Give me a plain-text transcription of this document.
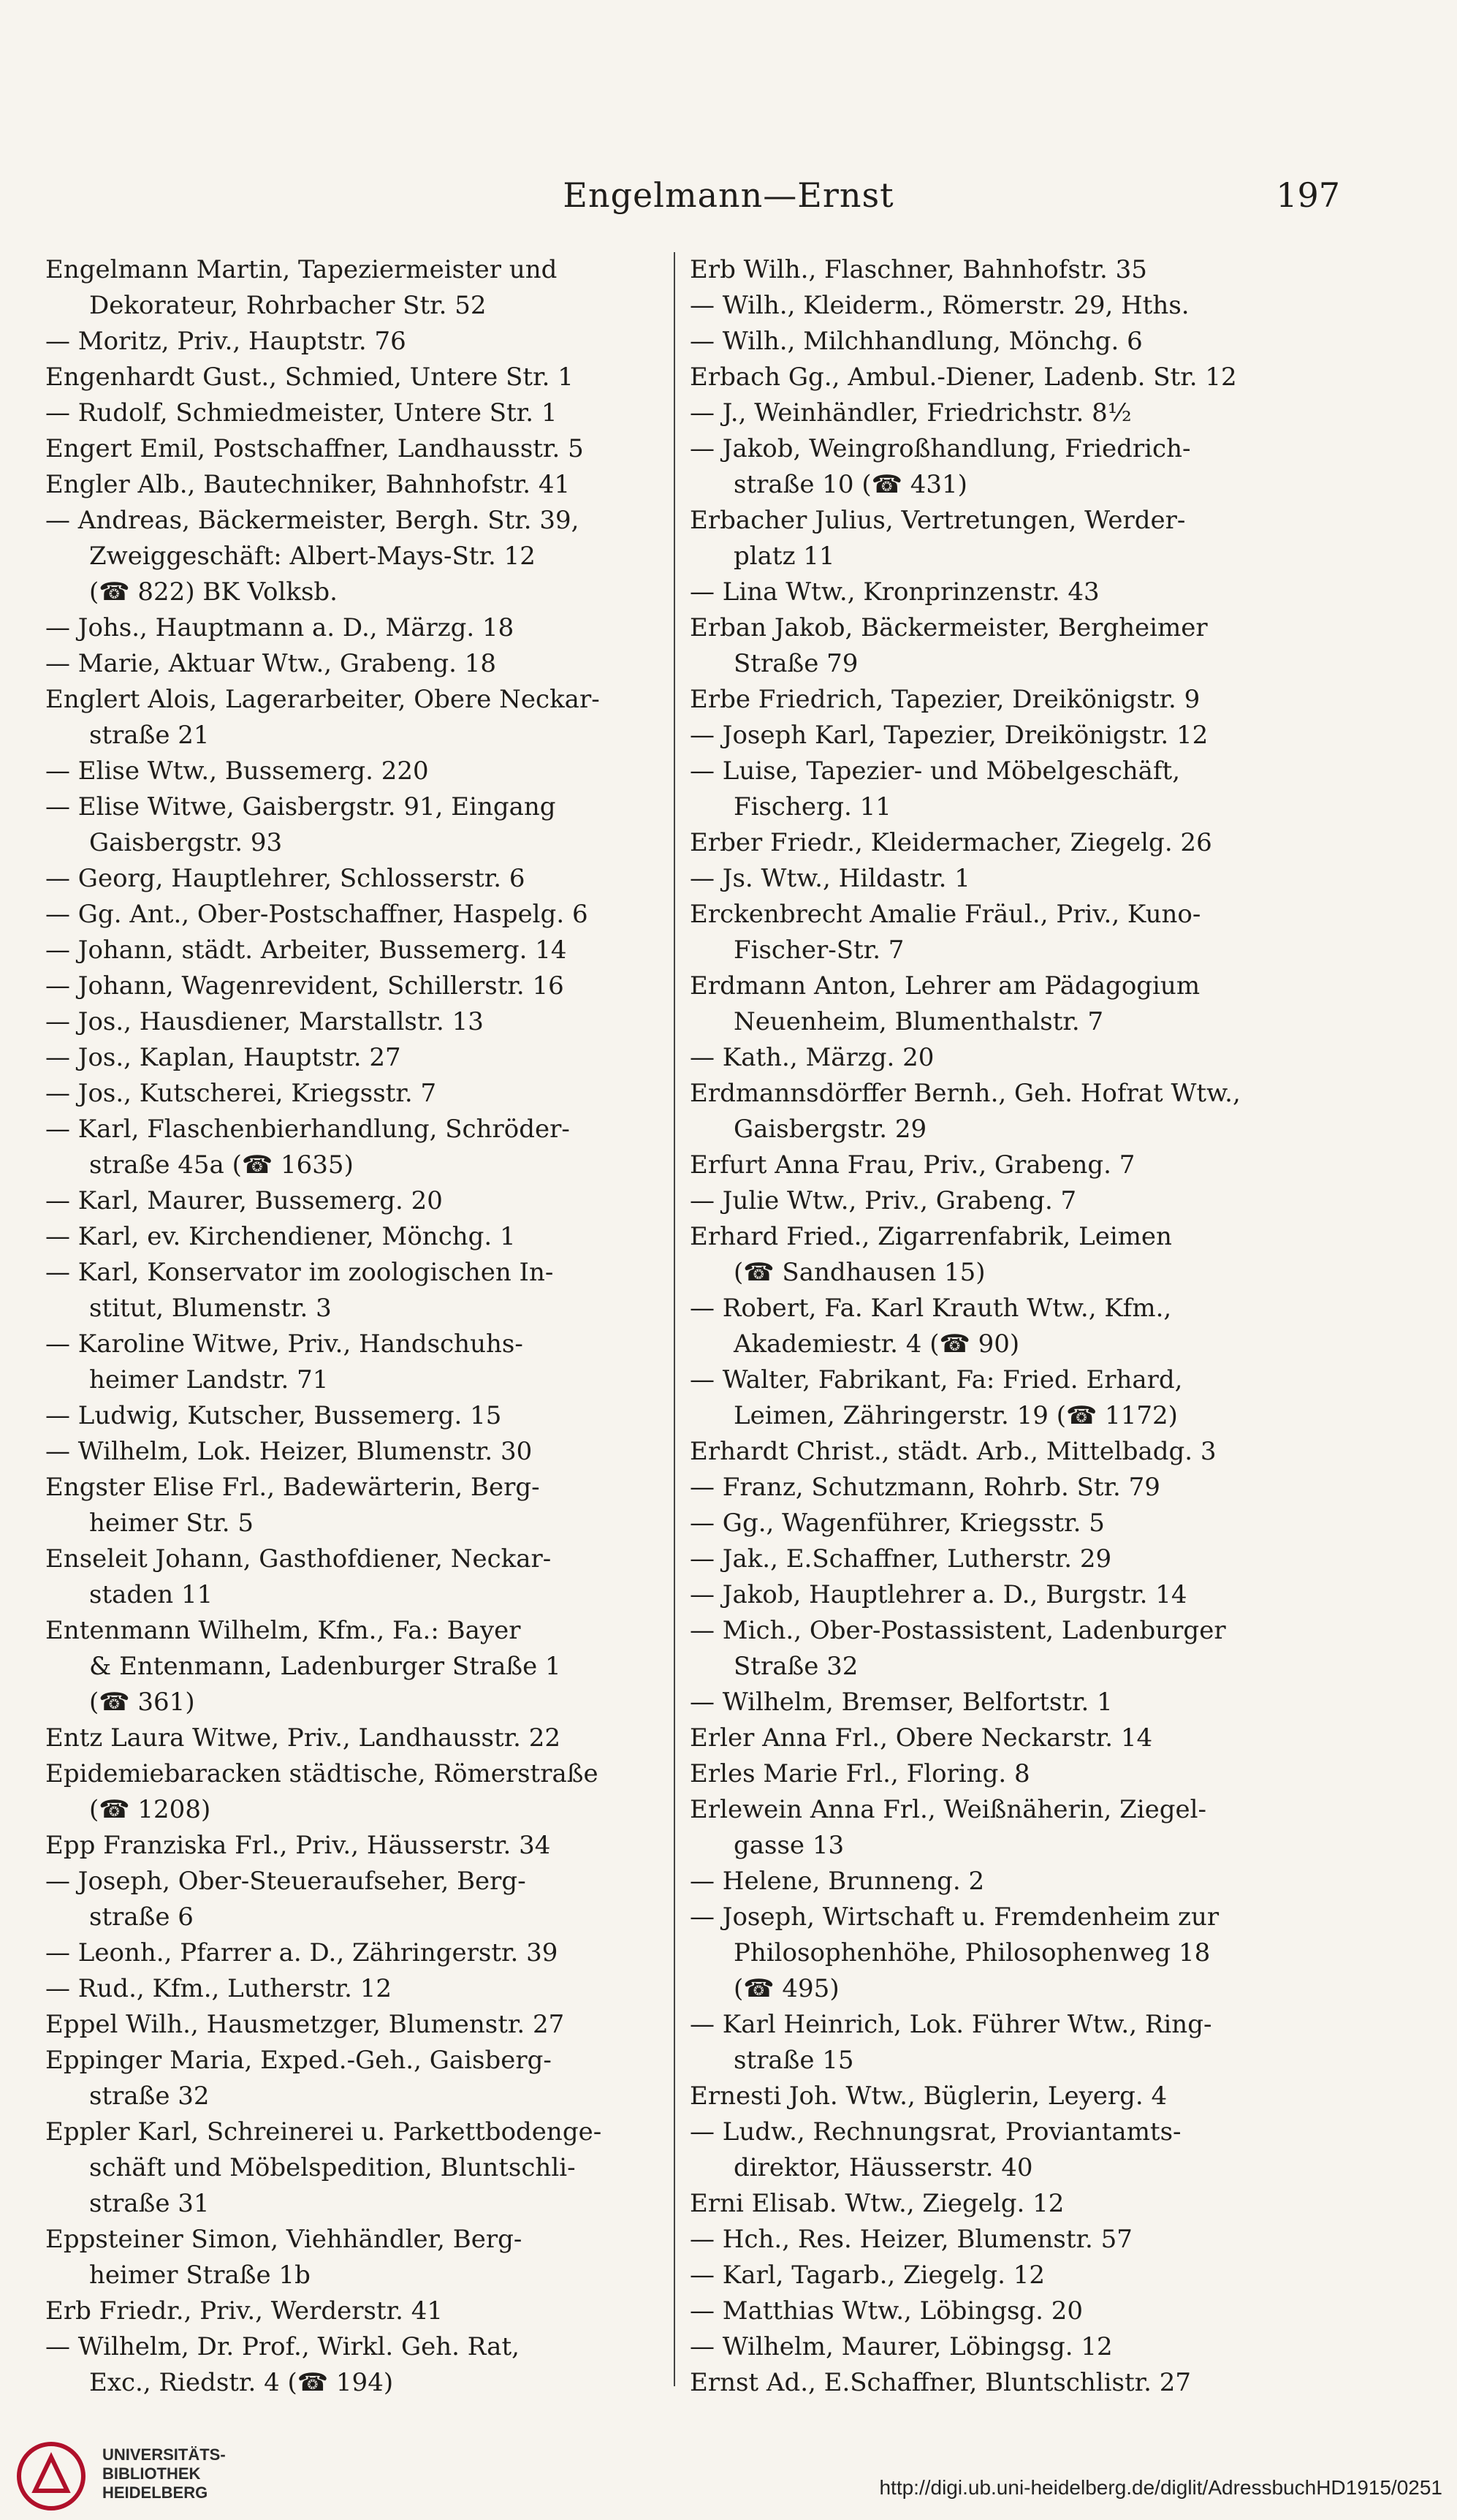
Engelmann—Ernst	197
Engelmann Martin, Tapeziermeister und
Dekorateur, Rohrbacher Str. 52
— Moritz, Priv., Hauptstr. 76
Engenhardt Gust., Schmied, Untere Str. 1
— Rudolf, Schmiedmeister, Untere Str. 1
Engert Emil, Postschaffner, Landhausstr. 5
Engler Alb., Bautechniker, Bahnhofstr. 41
— Andreas, Bäckermeister, Bergh. Str. 39,
Zweiggeschäft: Albert-Mays-Str. 12
(☎ 822) BK Volksb.
— Johs., Hauptmann a. D., Märzg. 18
— Marie, Aktuar Wtw., Grabeng. 18
Englert Alois, Lagerarbeiter, Obere Neckar-
straße 21
— Elise Wtw., Bussemerg. 220
— Elise Witwe, Gaisbergstr. 91, Eingang
Gaisbergstr. 93
— Georg, Hauptlehrer, Schlosserstr. 6
— Gg. Ant., Ober-Postschaffner, Haspelg. 6
— Johann, städt. Arbeiter, Bussemerg. 14
— Johann, Wagenrevident, Schillerstr. 16
— Jos., Hausdiener, Marstallstr. 13
— Jos., Kaplan, Hauptstr. 27
— Jos., Kutscherei, Kriegsstr. 7
— Karl, Flaschenbierhandlung, Schröder-
straße 45a (☎ 1635)
— Karl, Maurer, Bussemerg. 20
— Karl, ev. Kirchendiener, Mönchg. 1
— Karl, Konservator im zoologischen In-
stitut, Blumenstr. 3
— Karoline Witwe, Priv., Handschuhs-
heimer Landstr. 71
— Ludwig, Kutscher, Bussemerg. 15
— Wilhelm, Lok. Heizer, Blumenstr. 30
Engster Elise Frl., Badewärterin, Berg-
heimer Str. 5
Enseleit Johann, Gasthofdiener, Neckar-
staden 11
Entenmann Wilhelm, Kfm., Fa.: Bayer
& Entenmann, Ladenburger Straße 1
(☎ 361)
Entz Laura Witwe, Priv., Landhausstr. 22
Epidemiebaracken städtische, Römerstraße
(☎ 1208)
Epp Franziska Frl., Priv., Häusserstr. 34
— Joseph, Ober-Steueraufseher, Berg-
straße 6
— Leonh., Pfarrer a. D., Zähringerstr. 39
— Rud., Kfm., Lutherstr. 12
Eppel Wilh., Hausmetzger, Blumenstr. 27
Eppinger Maria, Exped.-Geh., Gaisberg-
straße 32
Eppler Karl, Schreinerei u. Parkettbodenge-
schäft und Möbelspedition, Bluntschli-
straße 31
Eppsteiner Simon, Viehhändler, Berg-
heimer Straße 1b
Erb Friedr., Priv., Werderstr. 41
— Wilhelm, Dr. Prof., Wirkl. Geh. Rat,
Exc., Riedstr. 4 (☎ 194)
Erb Wilh., Flaschner, Bahnhofstr. 35
— Wilh., Kleiderm., Römerstr. 29, Hths.
— Wilh., Milchhandlung, Mönchg. 6
Erbach Gg., Ambul.-Diener, Ladenb. Str. 12
— J., Weinhändler, Friedrichstr. 8½
— Jakob, Weingroßhandlung, Friedrich-
straße 10 (☎ 431)
Erbacher Julius, Vertretungen, Werder-
platz 11
— Lina Wtw., Kronprinzenstr. 43
Erban Jakob, Bäckermeister, Bergheimer
Straße 79
Erbe Friedrich, Tapezier, Dreikönigstr. 9
— Joseph Karl, Tapezier, Dreikönigstr. 12
— Luise, Tapezier- und Möbelgeschäft,
Fischerg. 11
Erber Friedr., Kleidermacher, Ziegelg. 26
— Js. Wtw., Hildastr. 1
Erckenbrecht Amalie Fräul., Priv., Kuno-
Fischer-Str. 7
Erdmann Anton, Lehrer am Pädagogium
Neuenheim, Blumenthalstr. 7
— Kath., Märzg. 20
Erdmannsdörffer Bernh., Geh. Hofrat Wtw.,
Gaisbergstr. 29
Erfurt Anna Frau, Priv., Grabeng. 7
— Julie Wtw., Priv., Grabeng. 7
Erhard Fried., Zigarrenfabrik, Leimen
(☎ Sandhausen 15)
— Robert, Fa. Karl Krauth Wtw., Kfm.,
Akademiestr. 4 (☎ 90)
— Walter, Fabrikant, Fa: Fried. Erhard,
Leimen, Zähringerstr. 19 (☎ 1172)
Erhardt Christ., städt. Arb., Mittelbadg. 3
— Franz, Schutzmann, Rohrb. Str. 79
— Gg., Wagenführer, Kriegsstr. 5
— Jak., E.Schaffner, Lutherstr. 29
— Jakob, Hauptlehrer a. D., Burgstr. 14
— Mich., Ober-Postassistent, Ladenburger
Straße 32
— Wilhelm, Bremser, Belfortstr. 1
Erler Anna Frl., Obere Neckarstr. 14
Erles Marie Frl., Floring. 8
Erlewein Anna Frl., Weißnäherin, Ziegel-
gasse 13
— Helene, Brunneng. 2
— Joseph, Wirtschaft u. Fremdenheim zur
Philosophenhöhe, Philosophenweg 18
(☎ 495)
— Karl Heinrich, Lok. Führer Wtw., Ring-
straße 15
Ernesti Joh. Wtw., Büglerin, Leyerg. 4
— Ludw., Rechnungsrat, Proviantamts-
direktor, Häusserstr. 40
Erni Elisab. Wtw., Ziegelg. 12
— Hch., Res. Heizer, Blumenstr. 57
— Karl, Tagarb., Ziegelg. 12
— Matthias Wtw., Löbingsg. 20
— Wilhelm, Maurer, Löbingsg. 12
Ernst Ad., E.Schaffner, Bluntschlistr. 27
UNIVERSITÄTS-
BIBLIOTHEK
HEIDELBERG	http://digi.ub.uni-heidelberg.de/diglit/AdressbuchHD1915/0251
